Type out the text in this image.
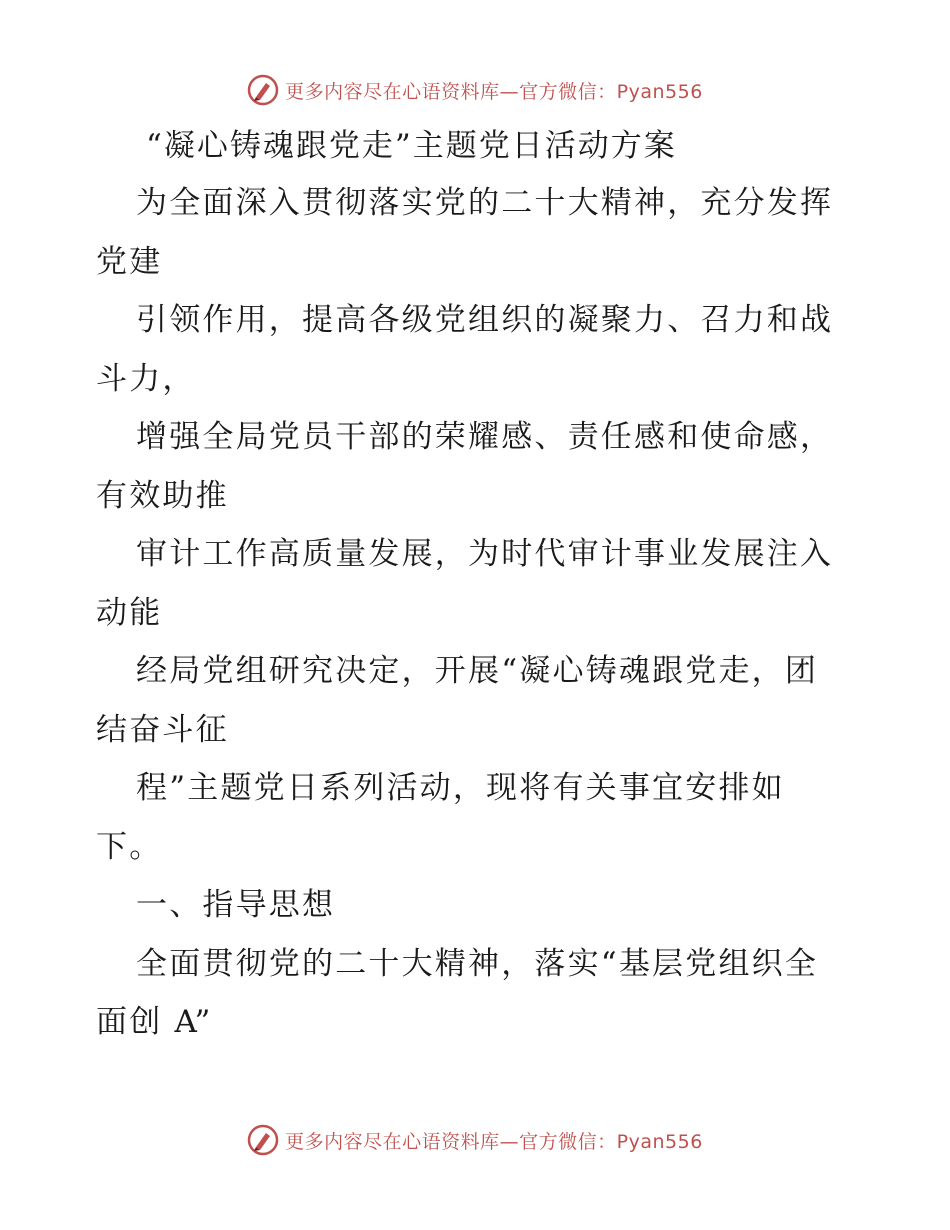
更多内容尽在心语资料库—官方微信：Pyan556

“凝心铸魂跟党走”主题党日活动方案

为全面深入贯彻落实党的二十大精神，充分发挥
党建

引领作用，提高各级党组织的凝聚力、召力和战
斗力，

增强全局党员干部的荣耀感、责任感和使命感，
有效助推

审计工作高质量发展，为时代审计事业发展注入
动能

经局党组研究决定，开展“凝心铸魂跟党走，团
结奋斗征

程”主题党日系列活动，现将有关事宜安排如
下。

一、指导思想

全面贯彻党的二十大精神，落实“基层党组织全
面创 A”

更多内容尽在心语资料库—官方微信：Pyan556
